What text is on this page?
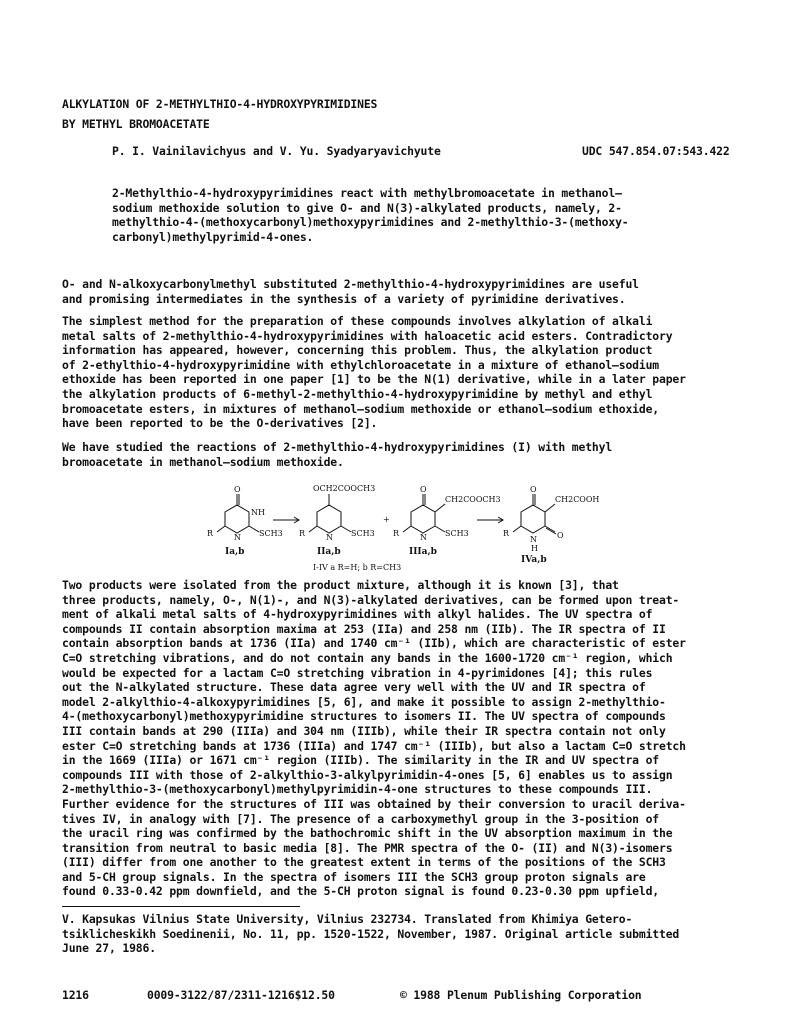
ALKYLATION OF 2-METHYLTHIO-4-HYDROXYPYRIMIDINES
BY METHYL BROMOACETATE
P. I. Vainilavichyus and V. Yu. Syadyaryavichyute	UDC 547.854.07:543.422
2-Methylthio-4-hydroxypyrimidines react with methylbromoacetate in methanol—
sodium methoxide solution to give O- and N(3)-alkylated products, namely, 2-
methylthio-4-(methoxycarbonyl)methoxypyrimidines and 2-methylthio-3-(methoxy-
carbonyl)methylpyrimid-4-ones.
O- and N-alkoxycarbonylmethyl substituted 2-methylthio-4-hydroxypyrimidines are useful
and promising intermediates in the synthesis of a variety of pyrimidine derivatives.
The simplest method for the preparation of these compounds involves alkylation of alkali
metal salts of 2-methylthio-4-hydroxypyrimidines with haloacetic acid esters. Contradictory
information has appeared, however, concerning this problem. Thus, the alkylation product
of 2-ethylthio-4-hydroxypyrimidine with ethylchloroacetate in a mixture of ethanol—sodium
ethoxide has been reported in one paper [1] to be the N(1) derivative, while in a later paper
the alkylation products of 6-methyl-2-methylthio-4-hydroxypyrimidine by methyl and ethyl
bromoacetate esters, in mixtures of methanol—sodium methoxide or ethanol—sodium ethoxide,
have been reported to be the O-derivatives [2].
We have studied the reactions of 2-methylthio-4-hydroxypyrimidines (I) with methyl
bromoacetate in methanol—sodium methoxide.
O
NH
N SCH3
R
Ia,b
OCH2COOCH3
N SCH3
R
IIa,b
+
O
CH2COOCH3
N SCH3
R
IIIa,b
O
CH2COOH
O
N
H
R
IVa,b
I-IV a R=H; b R=CH3
Two products were isolated from the product mixture, although it is known [3], that
three products, namely, O-, N(1)-, and N(3)-alkylated derivatives, can be formed upon treat-
ment of alkali metal salts of 4-hydroxypyrimidines with alkyl halides. The UV spectra of
compounds II contain absorption maxima at 253 (IIa) and 258 nm (IIb). The IR spectra of II
contain absorption bands at 1736 (IIa) and 1740 cm⁻¹ (IIb), which are characteristic of ester
C=O stretching vibrations, and do not contain any bands in the 1600-1720 cm⁻¹ region, which
would be expected for a lactam C=O stretching vibration in 4-pyrimidones [4]; this rules
out the N-alkylated structure. These data agree very well with the UV and IR spectra of
model 2-alkylthio-4-alkoxypyrimidines [5, 6], and make it possible to assign 2-methylthio-
4-(methoxycarbonyl)methoxypyrimidine structures to isomers II. The UV spectra of compounds
III contain bands at 290 (IIIa) and 304 nm (IIIb), while their IR spectra contain not only
ester C=O stretching bands at 1736 (IIIa) and 1747 cm⁻¹ (IIIb), but also a lactam C=O stretch
in the 1669 (IIIa) or 1671 cm⁻¹ region (IIIb). The similarity in the IR and UV spectra of
compounds III with those of 2-alkylthio-3-alkylpyrimidin-4-ones [5, 6] enables us to assign
2-methylthio-3-(methoxycarbonyl)methylpyrimidin-4-one structures to these compounds III.
Further evidence for the structures of III was obtained by their conversion to uracil deriva-
tives IV, in analogy with [7]. The presence of a carboxymethyl group in the 3-position of
the uracil ring was confirmed by the bathochromic shift in the UV absorption maximum in the
transition from neutral to basic media [8]. The PMR spectra of the O- (II) and N(3)-isomers
(III) differ from one another to the greatest extent in terms of the positions of the SCH3
and 5-CH group signals. In the spectra of isomers III the SCH3 group proton signals are
found 0.33-0.42 ppm downfield, and the 5-CH proton signal is found 0.23-0.30 ppm upfield,
V. Kapsukas Vilnius State University, Vilnius 232734. Translated from Khimiya Getero-
tsiklicheskikh Soedinenii, No. 11, pp. 1520-1522, November, 1987. Original article submitted
June 27, 1986.
1216	0009-3122/87/2311-1216$12.50	© 1988 Plenum Publishing Corporation
